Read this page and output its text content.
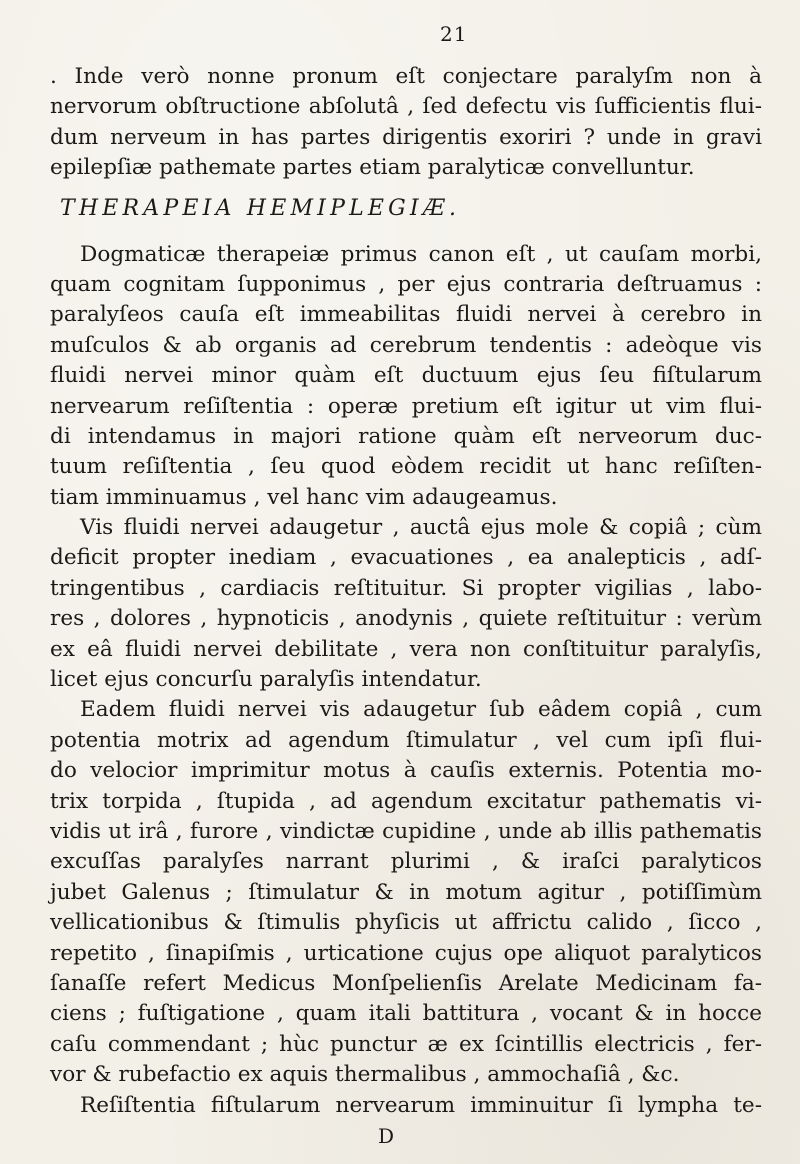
21
. Inde verò nonne pronum eſt conjectare paralyſm non à
nervorum obſtructione abſolutâ , ſed defectu vis ſufficientis flui-
dum nerveum in has partes dirigentis exoriri ? unde in gravi
epilepſiæ pathemate partes etiam paralyticæ convelluntur.
THERAPEIA HEMIPLEGIÆ.
Dogmaticæ therapeiæ primus canon eſt , ut cauſam morbi,
quam cognitam ſupponimus , per ejus contraria deſtruamus :
paralyſeos cauſa eſt immeabilitas fluidi nervei à cerebro in
muſculos & ab organis ad cerebrum tendentis : adeòque vis
fluidi nervei minor quàm eſt ductuum ejus ſeu fiſtularum
nervearum reſiſtentia : operæ pretium eſt igitur ut vim flui-
di intendamus in majori ratione quàm eſt nerveorum duc-
tuum reſiſtentia , ſeu quod eòdem recidit ut hanc reſiſten-
tiam imminuamus , vel hanc vim adaugeamus.
Vis fluidi nervei adaugetur , auctâ ejus mole & copiâ ; cùm
deficit propter inediam , evacuationes , ea analepticis , adſ-
tringentibus , cardiacis reſtituitur. Si propter vigilias , labo-
res , dolores , hypnoticis , anodynis , quiete reſtituitur : verùm
ex eâ fluidi nervei debilitate , vera non conſtituitur paralyſis,
licet ejus concurſu paralyſis intendatur.
Eadem fluidi nervei vis adaugetur ſub eâdem copiâ , cum
potentia motrix ad agendum ſtimulatur , vel cum ipſi flui-
do velocior imprimitur motus à cauſis externis. Potentia mo-
trix torpida , ſtupida , ad agendum excitatur pathematis vi-
vidis ut irâ , furore , vindictæ cupidine , unde ab illis pathematis
excuſſas paralyſes narrant plurimi , & iraſci paralyticos
jubet Galenus ; ſtimulatur & in motum agitur , potiſſimùm
vellicationibus & ſtimulis phyſicis ut affrictu calido , ſicco ,
repetito , ſinapiſmis , urticatione cujus ope aliquot paralyticos
ſanaſſe refert Medicus Monſpelienſis Arelate Medicinam fa-
ciens ; fuſtigatione , quam itali battitura , vocant & in hocce
caſu commendant ; hùc punctur æ ex ſcintillis electricis , fer-
vor & rubefactio ex aquis thermalibus , ammochaſiâ , &c.
Reſiſtentia fiſtularum nervearum imminuitur ſi lympha te-
D
